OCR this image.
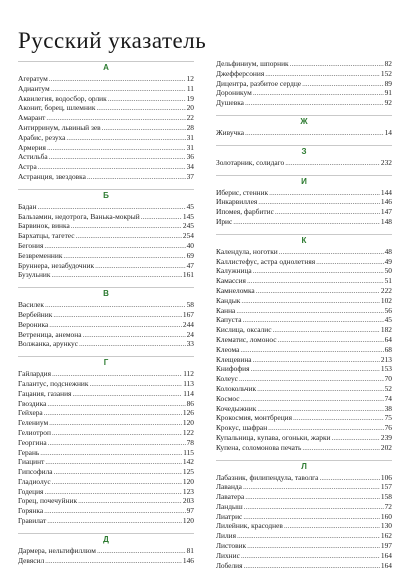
Русский указатель
А
Агератум .....	12
Адиантум .....	11
Аквилегия, водосбор, орлик .....	19
Аконит, борец, шлемник .....	20
Амарант .....	22
Антирринум, львиный зев .....	28
Арабис, резуха .....	31
Армерия .....	31
Астильба .....	36
Астра .....	34
Астранция, звездовка .....	37
Б
Бадан .....	45
Бальзамин, недотрога, Ванька-мокрый .....	145
Барвинок, винка .....	245
Бархатцы, тагетес .....	254
Бегония .....	40
Безвременник .....	69
Бруннера, незабудочник .....	47
Бузульник .....	161
В
Василек .....	58
Вербейник .....	167
Вероника .....	244
Ветреница, анемона .....	24
Волжанка, арункус .....	33
Г
Гайлардия .....	112
Галантус, подснежник .....	113
Гацания, газания .....	114
Гвоздика .....	86
Гейхера .....	126
Гелениум .....	120
Гелиотроп .....	122
Георгина .....	78
Герань .....	115
Гиацинт .....	142
Гипсофила .....	125
Гладиолус .....	120
Годеция .....	123
Горец, почечуйник .....	203
Горянка .....	97
Гравилат .....	120
Д
Дармера, нельтифиллюм .....	81
Девясил .....	146
Дельфиниум, шпорник .....	82
Джефферсония .....	152
Дицентра, разбитое сердце .....	89
Дороникум .....	91
Душевка .....	92
Ж
Живучка .....	14
З
Золотарник, солидаго .....	232
И
Иберис, стенник .....	144
Инкарвиллея .....	146
Ипомея, фарбитис .....	147
Ирис .....	148
К
Календула, ноготки .....	48
Каллистефус, астра однолетняя .....	49
Калужница .....	50
Камассия .....	51
Камнеломка .....	222
Кандык .....	102
Канна .....	56
Капуста .....	45
Кислица, оксалис .....	182
Клематис, ломонос .....	64
Клеома .....	68
Клещевина .....	213
Книфофия .....	153
Колеус .....	70
Колокольчик .....	52
Космос .....	74
Кочедыжник .....	38
Крокосмия, монтбреция .....	75
Крокус, шафран .....	76
Купальница, купава, огоньки, жарки .....	239
Купена, соломонова печать .....	202
Л
Лабазник, филипендула, таволга .....	106
Лаванда .....	157
Лаватера .....	158
Ландыш .....	72
Лиатрис .....	160
Лилейник, красоднев .....	130
Лилия .....	162
Листовик .....	197
Лихнис .....	164
Лобелия .....	164
